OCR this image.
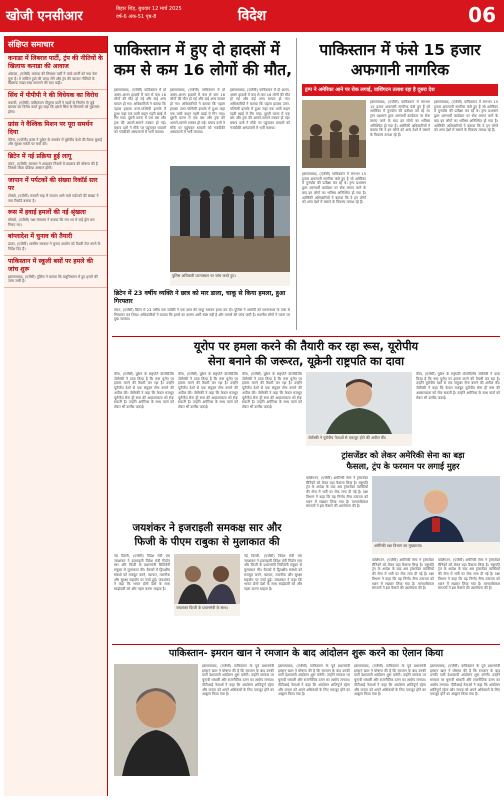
खोजी एनसीआर	बिहार‍‍‍‍‍‍‍‍‍‍‍‍‍‍‍‍‍‍‍‍‍‍‍‍‍‍‍‍‍‍‍‍‍‍‍‍‍‍‍‍‍‍‍‍‍‍‍‍‍‍‍‍‍‍‍‍‍‍‍‍‍‍‍‍‍‍‍‍‍‍‍‍‍‍‍‍‍‍‍‍‍‍‍‍‍‍‍‍‍‍‍‍‍‍‍‍‍‍‍‍‍‍‍‍‍‍‍‍‍‍‍‍‍‍‍‍‍‍‍‍‍‍‍‍‍‍‍‍ शिंह, बुधवार 12 मार्च 2025
वर्ष-6 अंक-51 पृष्ठ-8	विदेश	06
संक्षिप्त समाचार
कनाडा में लिबरल पार्टी, ट्रंप की नीतियों के खिलाफ कनाडा की आवाज

ओटावा, (एजेंसी) कनाडा की लिबरल पार्टी ने मार्क कार्नी को नया नेता चुना है। वे जस्टिन ट्रूडो की जगह लेंगे और ट्रंप की व्यापार नीतियों के खिलाफ सख्त रुख अपनाने की बात कही।

सिंध में पीपीपी ने की विधेयक का विरोध

कराची, (एजेंसी) पाकिस्तान पीपुल्स पार्टी ने नहरों के निर्माण से जुड़े प्रस्ताव का विरोध करते हुए कहा कि इससे सिंध के किसानों को नुकसान होगा।

फ्रांस ने वैश्विक मिशन पर पूरा समर्थन दिया

पेरिस, (एजेंसी) फ्रांस ने यूक्रेन के समर्थन में यूरोपीय देशों की बैठक बुलाई और सुरक्षा गारंटी पर चर्चा की।

ब्रिटेन में नई प्रक्रिया हुई लागू

लंदन, (एजेंसी) सरकार ने आव्रजन नियमों में बदलाव की घोषणा की है जिससे वीजा प्रक्रिया आसान होगी।

जापान में पर्यटकों की संख्या रिकॉर्ड स्तर पर

टोक्यो, (एजेंसी) फरवरी माह में जापान आने वाले पर्यटकों की संख्या ने नया रिकॉर्ड बनाया है।

रूस में हवाई हमलों की नई श्रृंखला

मॉस्को, (एजेंसी) रक्षा मंत्रालय ने बताया कि रात भर में कई ड्रोन मार गिराए गए।

बांग्लादेश में चुनाव की तैयारी

ढाका, (एजेंसी) अंतरिम सरकार ने चुनाव आयोग को तैयारी तेज करने के निर्देश दिए हैं।

पाकिस्तान में स्कूली बसों पर हमले की जांच शुरू

इस्लामाबाद, (एजेंसी) पुलिस ने बताया कि बलूचिस्तान में हुए हमले की जांच जारी है।

पाकिस्तान में हुए दो हादसों में
कम से कम 16 लोगों की मौत,
इस्लामाबाद, (एजेंसी) पाकिस्तान में दो अलग-अलग हादसों में कम से कम 16 लोगों की मौत हो गई और कई अन्य घायल हो गए। अधिकारियों ने बताया कि पहला हादसा उत्तर-पश्चिमी इलाके में हुआ जहां एक यात्री वाहन गहरी खाई में गिर गया। दूसरी घटना में एक बस और ट्रक की आमने-सामने टक्कर हो गई। बचाव दलों ने मौके पर पहुंचकर घायलों को नजदीकी अस्पतालों में भर्ती कराया।
इस्लामाबाद, (एजेंसी) पाकिस्तान में दो अलग-अलग हादसों में कम से कम 16 लोगों की मौत हो गई और कई अन्य घायल हो गए। अधिकारियों ने बताया कि पहला हादसा उत्तर-पश्चिमी इलाके में हुआ जहां एक यात्री वाहन गहरी खाई में गिर गया। दूसरी घटना में एक बस और ट्रक की आमने-सामने टक्कर हो गई। बचाव दलों ने मौके पर पहुंचकर घायलों को नजदीकी अस्पतालों में भर्ती कराया।
इस्लामाबाद, (एजेंसी) पाकिस्तान में दो अलग-अलग हादसों में कम से कम 16 लोगों की मौत हो गई और कई अन्य घायल हो गए। अधिकारियों ने बताया कि पहला हादसा उत्तर-पश्चिमी इलाके में हुआ जहां एक यात्री वाहन गहरी खाई में गिर गया। दूसरी घटना में एक बस और ट्रक की आमने-सामने टक्कर हो गई। बचाव दलों ने मौके पर पहुंचकर घायलों को नजदीकी अस्पतालों में भर्ती कराया।
पुलिस अधिकारी घटनास्थल पर जांच करते हुए।
पाकिस्तान में फंसे 15 हजार
अफगानी नागरिक
ट्रम्प ने अमेरिका आने पर रोक लगाई, वाशिंगटन तलाश रहा है दूसरा देश
इस्लामाबाद, (एजेंसी) पाकिस्तान में लगभग 15 हजार अफगानी नागरिक फंसे हुए हैं जो अमेरिका में पुनर्वास की प्रतीक्षा कर रहे थे। ट्रम्प प्रशासन द्वारा शरणार्थी कार्यक्रम पर रोक लगाए जाने के बाद इन लोगों का भविष्य अनिश्चित हो गया है। अमेरिकी अधिकारियों ने बताया कि वे इन लोगों को अन्य देशों में बसाने के विकल्प तलाश रहे हैं।
इस्लामाबाद, (एजेंसी) पाकिस्तान में लगभग 15 हजार अफगानी नागरिक फंसे हुए हैं जो अमेरिका में पुनर्वास की प्रतीक्षा कर रहे थे। ट्रम्प प्रशासन द्वारा शरणार्थी कार्यक्रम पर रोक लगाए जाने के बाद इन लोगों का भविष्य अनिश्चित हो गया है। अमेरिकी अधिकारियों ने बताया कि वे इन लोगों को अन्य देशों में बसाने के विकल्प तलाश रहे हैं।
इस्लामाबाद, (एजेंसी) पाकिस्तान में लगभग 15 हजार अफगानी नागरिक फंसे हुए हैं जो अमेरिका में पुनर्वास की प्रतीक्षा कर रहे थे। ट्रम्प प्रशासन द्वारा शरणार्थी कार्यक्रम पर रोक लगाए जाने के बाद इन लोगों का भविष्य अनिश्चित हो गया है। अमेरिकी अधिकारियों ने बताया कि वे इन लोगों को अन्य देशों में बसाने के विकल्प तलाश रहे हैं।
ब्रिटेन में 23 वर्षीय व्यक्ति ने छात्र को मार डाला, चाकू से किया हमला, हुआ गिरफ्तार
लंदन, (एजेंसी) ब्रिटेन में 23 वर्षीय एक व्यक्ति ने एक छात्र की चाकू मारकर हत्या कर दी। पुलिस ने आरोपी को घटनास्थल के पास से गिरफ्तार कर लिया। अधिकारियों ने बताया कि हमले का कारण अभी स्पष्ट नहीं है और मामले की जांच जारी है। स्थानीय लोगों ने घटना पर दुख जताया।
यूरोप पर हमला करने की तैयारी कर रहा रूस, यूरोपीय
सेना बनाने की जरूरत, यूक्रेनी राष्ट्रपति का दावा
कीव, (एजेंसी) यूक्रेन के राष्ट्रपति वोलोदिमीर जेलेंस्की ने दावा किया है कि रूस यूरोप पर हमला करने की तैयारी कर रहा है। उन्होंने यूरोपीय देशों से एक संयुक्त सेना बनाने की अपील की। जेलेंस्की ने कहा कि केवल मजबूत यूरोपीय सेना ही रूस की आक्रामकता को रोक सकती है। उन्होंने अमेरिका के साथ वार्ता को लेकर भी उम्मीद जताई।
कीव, (एजेंसी) यूक्रेन के राष्ट्रपति वोलोदिमीर जेलेंस्की ने दावा किया है कि रूस यूरोप पर हमला करने की तैयारी कर रहा है। उन्होंने यूरोपीय देशों से एक संयुक्त सेना बनाने की अपील की। जेलेंस्की ने कहा कि केवल मजबूत यूरोपीय सेना ही रूस की आक्रामकता को रोक सकती है। उन्होंने अमेरिका के साथ वार्ता को लेकर भी उम्मीद जताई।
कीव, (एजेंसी) यूक्रेन के राष्ट्रपति वोलोदिमीर जेलेंस्की ने दावा किया है कि रूस यूरोप पर हमला करने की तैयारी कर रहा है। उन्होंने यूरोपीय देशों से एक संयुक्त सेना बनाने की अपील की। जेलेंस्की ने कहा कि केवल मजबूत यूरोपीय सेना ही रूस की आक्रामकता को रोक सकती है। उन्होंने अमेरिका के साथ वार्ता को लेकर भी उम्मीद जताई।
जेलेंस्की ने यूरोपीय नेताओं से एकजुट होने की अपील की।
कीव, (एजेंसी) यूक्रेन के राष्ट्रपति वोलोदिमीर जेलेंस्की ने दावा किया है कि रूस यूरोप पर हमला करने की तैयारी कर रहा है। उन्होंने यूरोपीय देशों से एक संयुक्त सेना बनाने की अपील की। जेलेंस्की ने कहा कि केवल मजबूत यूरोपीय सेना ही रूस की आक्रामकता को रोक सकती है। उन्होंने अमेरिका के साथ वार्ता को लेकर भी उम्मीद जताई।
ट्रांसजेंडर को लेकर अमेरिकी सेना का बड़ा
फैसला, ट्रंप के फरमान पर लगाई मुहर
वाशिंगटन, (एजेंसी) अमेरिकी सेना ने ट्रांसजेंडर सैनिकों को लेकर बड़ा फैसला लिया है। राष्ट्रपति ट्रंप के आदेश के बाद अब ट्रांसजेंडर व्यक्तियों की सेना में भर्ती पर रोक लगा दी गई है। रक्षा विभाग ने कहा कि यह निर्णय सैन्य तत्परता को ध्यान में रखकर लिया गया है। मानवाधिकार संगठनों ने इस फैसले की आलोचना की है।
अमेरिकी रक्षा विभाग का मुख्यालय।
वाशिंगटन, (एजेंसी) अमेरिकी सेना ने ट्रांसजेंडर सैनिकों को लेकर बड़ा फैसला लिया है। राष्ट्रपति ट्रंप के आदेश के बाद अब ट्रांसजेंडर व्यक्तियों की सेना में भर्ती पर रोक लगा दी गई है। रक्षा विभाग ने कहा कि यह निर्णय सैन्य तत्परता को ध्यान में रखकर लिया गया है। मानवाधिकार संगठनों ने इस फैसले की आलोचना की है।
वाशिंगटन, (एजेंसी) अमेरिकी सेना ने ट्रांसजेंडर सैनिकों को लेकर बड़ा फैसला लिया है। राष्ट्रपति ट्रंप के आदेश के बाद अब ट्रांसजेंडर व्यक्तियों की सेना में भर्ती पर रोक लगा दी गई है। रक्षा विभाग ने कहा कि यह निर्णय सैन्य तत्परता को ध्यान में रखकर लिया गया है। मानवाधिकार संगठनों ने इस फैसले की आलोचना की है।
जयशंकर ने इजराइली समकक्ष सार और
फिजी के पीएम राबुका से मुलाकात की
नई दिल्ली, (एजेंसी) विदेश मंत्री एस जयशंकर ने इजराइली विदेश मंत्री गिदोन सार और फिजी के प्रधानमंत्री सितिवेनी राबुका से मुलाकात की। बैठकों में द्विपक्षीय संबंधों को मजबूत करने, व्यापार, तकनीक और सुरक्षा सहयोग पर चर्चा हुई। जयशंकर ने कहा कि भारत दोनों देशों के साथ साझेदारी को और गहरा करना चाहता है।
जयशंकर फिजी के प्रधानमंत्री के साथ।
नई दिल्ली, (एजेंसी) विदेश मंत्री एस जयशंकर ने इजराइली विदेश मंत्री गिदोन सार और फिजी के प्रधानमंत्री सितिवेनी राबुका से मुलाकात की। बैठकों में द्विपक्षीय संबंधों को मजबूत करने, व्यापार, तकनीक और सुरक्षा सहयोग पर चर्चा हुई। जयशंकर ने कहा कि भारत दोनों देशों के साथ साझेदारी को और गहरा करना चाहता है।
पाकिस्तान- इमरान खान ने रमजान के बाद आंदोलन शुरू करने का ऐलान किया
इस्लामाबाद, (एजेंसी) पाकिस्तान के पूर्व प्रधानमंत्री इमरान खान ने घोषणा की है कि रमजान के बाद उनकी पार्टी देशव्यापी आंदोलन शुरू करेगी। उन्होंने सरकार पर चुनावी धांधली और राजनीतिक दमन का आरोप लगाया। पीटीआई नेताओं ने कहा कि आंदोलन शांतिपूर्ण रहेगा और जनता को अपने अधिकारों के लिए एकजुट होने का आह्वान किया गया है।
इस्लामाबाद, (एजेंसी) पाकिस्तान के पूर्व प्रधानमंत्री इमरान खान ने घोषणा की है कि रमजान के बाद उनकी पार्टी देशव्यापी आंदोलन शुरू करेगी। उन्होंने सरकार पर चुनावी धांधली और राजनीतिक दमन का आरोप लगाया। पीटीआई नेताओं ने कहा कि आंदोलन शांतिपूर्ण रहेगा और जनता को अपने अधिकारों के लिए एकजुट होने का आह्वान किया गया है।
इस्लामाबाद, (एजेंसी) पाकिस्तान के पूर्व प्रधानमंत्री इमरान खान ने घोषणा की है कि रमजान के बाद उनकी पार्टी देशव्यापी आंदोलन शुरू करेगी। उन्होंने सरकार पर चुनावी धांधली और राजनीतिक दमन का आरोप लगाया। पीटीआई नेताओं ने कहा कि आंदोलन शांतिपूर्ण रहेगा और जनता को अपने अधिकारों के लिए एकजुट होने का आह्वान किया गया है।
इस्लामाबाद, (एजेंसी) पाकिस्तान के पूर्व प्रधानमंत्री इमरान खान ने घोषणा की है कि रमजान के बाद उनकी पार्टी देशव्यापी आंदोलन शुरू करेगी। उन्होंने सरकार पर चुनावी धांधली और राजनीतिक दमन का आरोप लगाया। पीटीआई नेताओं ने कहा कि आंदोलन शांतिपूर्ण रहेगा और जनता को अपने अधिकारों के लिए एकजुट होने का आह्वान किया गया है।
